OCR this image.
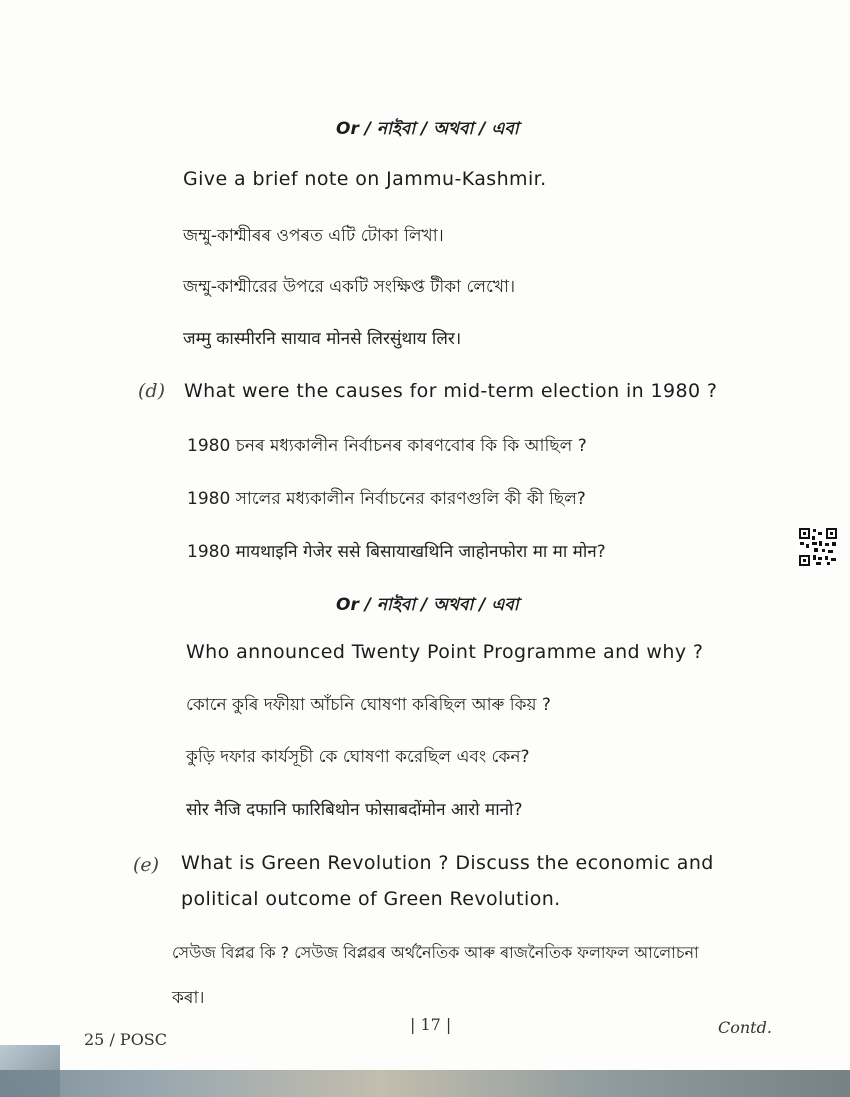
Or / নাইবা / অথবা / এবা
Give a brief note on Jammu-Kashmir.
জম্মু-কাশ্মীৰৰ ওপৰত এটি টোকা লিখা।
জম্মু-কাশ্মীরের উপরে একটি সংক্ষিপ্ত টীকা লেখো।
जम्मु कास्मीरनि सायाव मोनसे लिरसुंथाय लिर।
(d) What were the causes for mid-term election in 1980 ?
1980 চনৰ মধ্যকালীন নিৰ্বাচনৰ কাৰণবোৰ কি কি আছিল ?
1980 সালের মধ্যকালীন নির্বাচনের কারণগুলি কী কী ছিল?
1980 मायथाइनि गेजेर ससे बिसायाखथिनि जाहोनफोरा मा मा मोन?
Or / নাইবা / অথবা / এবা
Who announced Twenty Point Programme and why ?
কোনে কুৰি দফীয়া আঁচনি ঘোষণা কৰিছিল আৰু কিয় ?
কুড়ি দফার কার্যসূচী কে ঘোষণা করেছিল এবং কেন?
सोर नैजि दफानि फारिबिथोन फोसाबदोंमोन आरो मानो?
(e) What is Green Revolution ? Discuss the economic and
political outcome of Green Revolution.
সেউজ বিপ্লৱ কি ? সেউজ বিপ্লৱৰ অৰ্থনৈতিক আৰু ৰাজনৈতিক ফলাফল আলোচনা
কৰা।
25 / POSC
| 17 |	Contd.
